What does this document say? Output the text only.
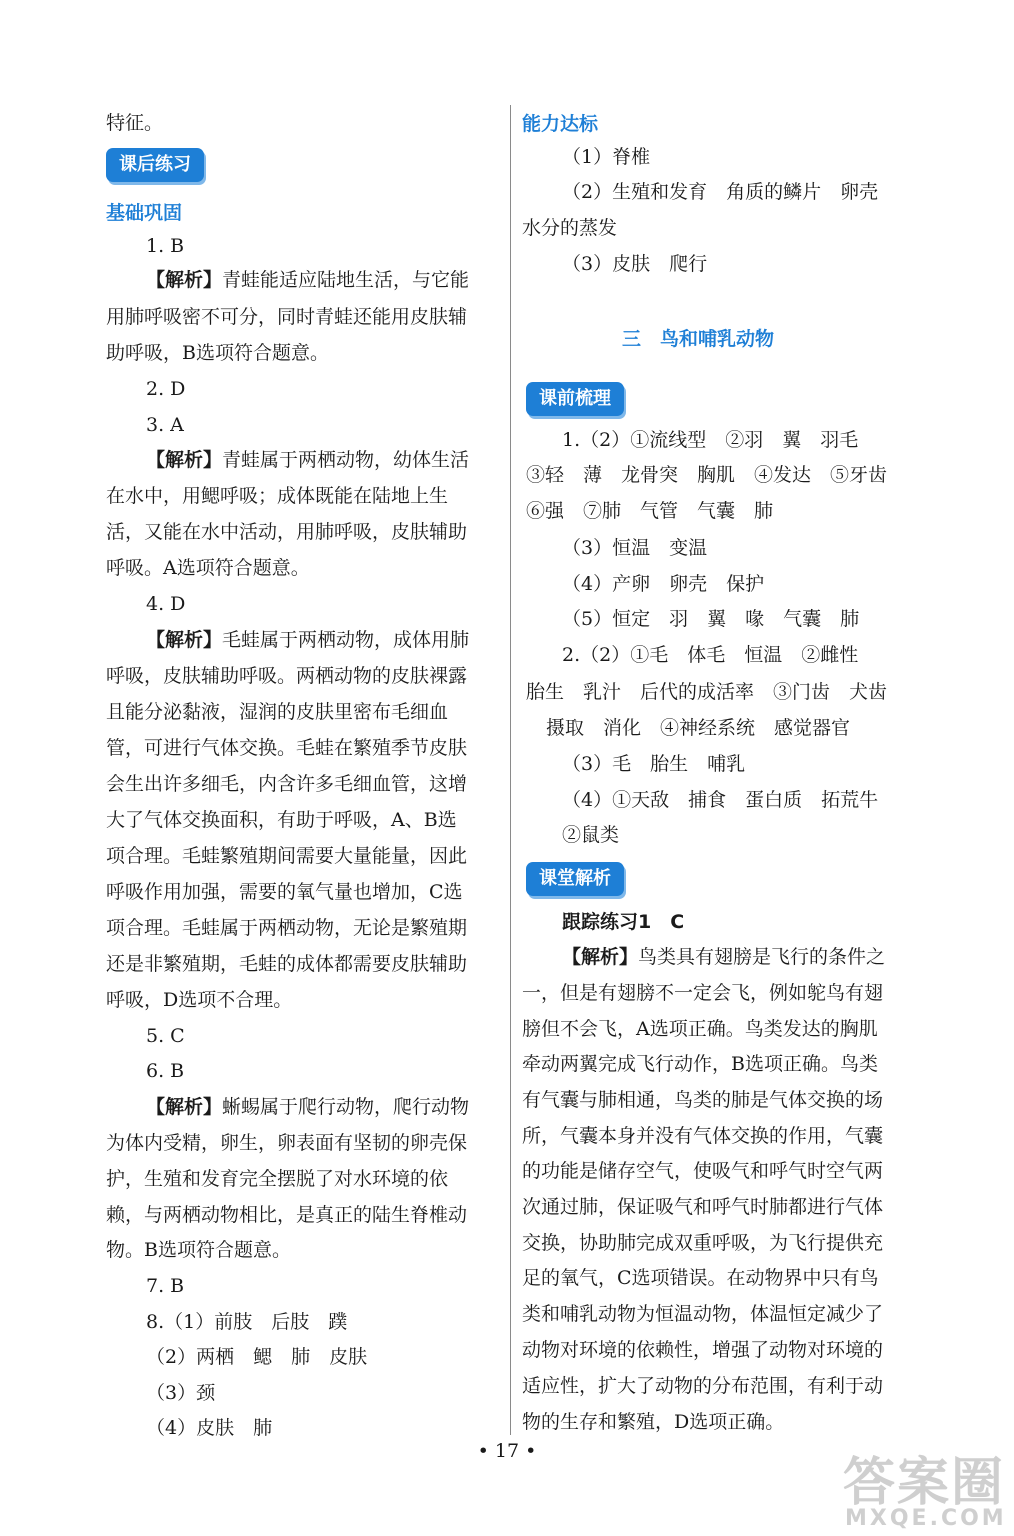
特征。
课后练习
基础巩固
1. B
【解析】青蛙能适应陆地生活，与它能
用肺呼吸密不可分，同时青蛙还能用皮肤辅
助呼吸，B选项符合题意。
2. D
3. A
【解析】青蛙属于两栖动物，幼体生活
在水中，用鳃呼吸；成体既能在陆地上生
活，又能在水中活动，用肺呼吸，皮肤辅助
呼吸。A选项符合题意。
4. D
【解析】毛蛙属于两栖动物，成体用肺
呼吸，皮肤辅助呼吸。两栖动物的皮肤裸露
且能分泌黏液，湿润的皮肤里密布毛细血
管，可进行气体交换。毛蛙在繁殖季节皮肤
会生出许多细毛，内含许多毛细血管，这增
大了气体交换面积，有助于呼吸，A、B选
项合理。毛蛙繁殖期间需要大量能量，因此
呼吸作用加强，需要的氧气量也增加，C选
项合理。毛蛙属于两栖动物，无论是繁殖期
还是非繁殖期，毛蛙的成体都需要皮肤辅助
呼吸，D选项不合理。
5. C
6. B
【解析】蜥蜴属于爬行动物，爬行动物
为体内受精，卵生，卵表面有坚韧的卵壳保
护，生殖和发育完全摆脱了对水环境的依
赖，与两栖动物相比，是真正的陆生脊椎动
物。B选项符合题意。
7. B
8.（1）前肢　后肢　蹼
（2）两栖　鳃　肺　皮肤
（3）颈
（4）皮肤　肺
能力达标
（1）脊椎
（2）生殖和发育　角质的鳞片　卵壳
水分的蒸发
（3）皮肤　爬行
三　鸟和哺乳动物
课前梳理
1.（2）①流线型　②羽　翼　羽毛
③轻　薄　龙骨突　胸肌　④发达　⑤牙齿
⑥强　⑦肺　气管　气囊　肺
（3）恒温　变温
（4）产卵　卵壳　保护
（5）恒定　羽　翼　喙　气囊　肺
2.（2）①毛　体毛　恒温　②雌性
胎生　乳汁　后代的成活率　③门齿　犬齿
摄取　消化　④神经系统　感觉器官
（3）毛　胎生　哺乳
（4）①天敌　捕食　蛋白质　拓荒牛
②鼠类
课堂解析
跟踪练习1　C
【解析】鸟类具有翅膀是飞行的条件之
一，但是有翅膀不一定会飞，例如鸵鸟有翅
膀但不会飞，A选项正确。鸟类发达的胸肌
牵动两翼完成飞行动作，B选项正确。鸟类
有气囊与肺相通，鸟类的肺是气体交换的场
所，气囊本身并没有气体交换的作用，气囊
的功能是储存空气，使吸气和呼气时空气两
次通过肺，保证吸气和呼气时肺都进行气体
交换，协助肺完成双重呼吸，为飞行提供充
足的氧气，C选项错误。在动物界中只有鸟
类和哺乳动物为恒温动物，体温恒定减少了
动物对环境的依赖性，增强了动物对环境的
适应性，扩大了动物的分布范围，有利于动
物的生存和繁殖，D选项正确。
• 17 •
答案圈
MXQE.COM
